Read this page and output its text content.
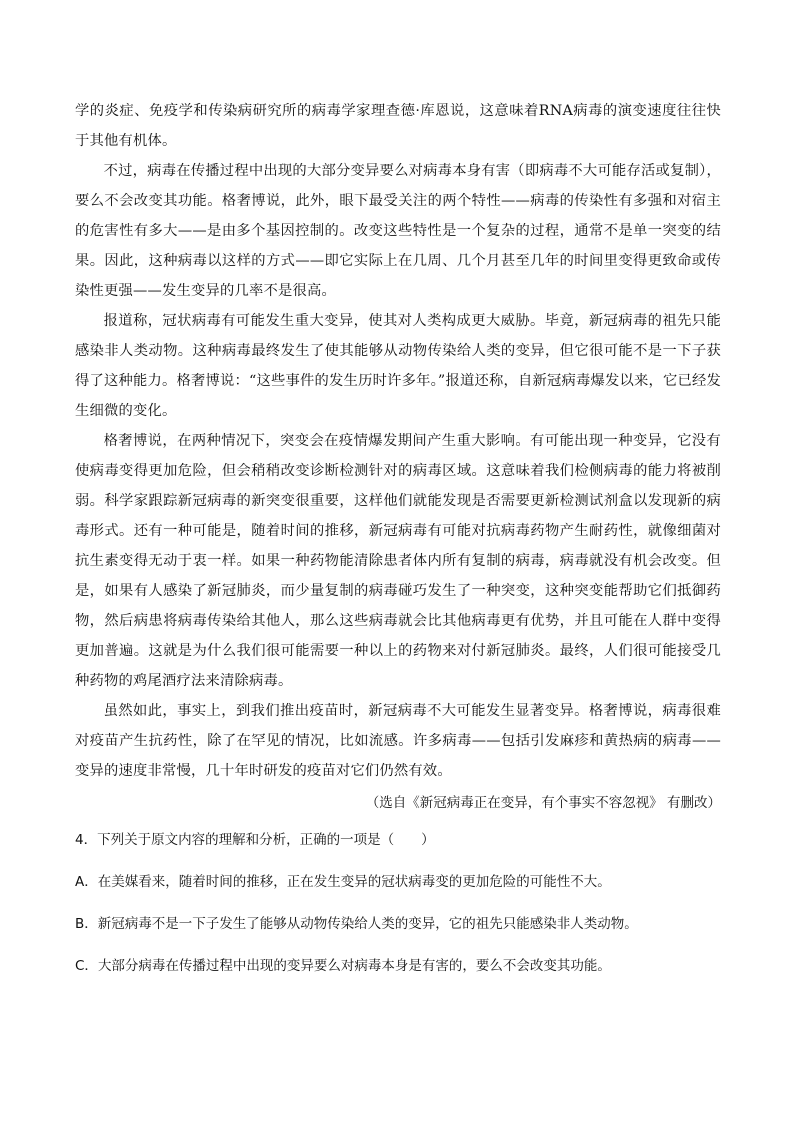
学的炎症、免疫学和传染病研究所的病毒学家理查德·库恩说，这意味着RNA病毒的演变速度往往快于其他有机体。

不过，病毒在传播过程中出现的大部分变异要么对病毒本身有害（即病毒不大可能存活或复制），要么不会改变其功能。格奢博说，此外，眼下最受关注的两个特性——病毒的传染性有多强和对宿主的危害性有多大——是由多个基因控制的。改变这些特性是一个复杂的过程，通常不是单一突变的结果。因此，这种病毒以这样的方式——即它实际上在几周、几个月甚至几年的时间里变得更致命或传染性更强——发生变异的几率不是很高。

报道称，冠状病毒有可能发生重大变异，使其对人类构成更大威胁。毕竟，新冠病毒的祖先只能感染非人类动物。这种病毒最终发生了使其能够从动物传染给人类的变异，但它很可能不是一下子获得了这种能力。格奢博说：“这些事件的发生历时许多年。”报道还称，自新冠病毒爆发以来，它已经发生细微的变化。

格奢博说，在两种情况下，突变会在疫情爆发期间产生重大影响。有可能出现一种变异，它没有使病毒变得更加危险，但会稍稍改变诊断检测针对的病毒区域。这意味着我们检侧病毒的能力将被削弱。科学家跟踪新冠病毒的新突变很重要，这样他们就能发现是否需要更新检测试剂盒以发现新的病毒形式。还有一种可能是，随着时间的推移，新冠病毒有可能对抗病毒药物产生耐药性，就像细菌对抗生素变得无动于衷一样。如果一种药物能清除患者体内所有复制的病毒，病毒就没有机会改变。但是，如果有人感染了新冠肺炎，而少量复制的病毒碰巧发生了一种突变，这种突变能帮助它们抵御药物，然后病患将病毒传染给其他人，那么这些病毒就会比其他病毒更有优势，并且可能在人群中变得更加普遍。这就是为什么我们很可能需要一种以上的药物来对付新冠肺炎。最终，人们很可能接受几种药物的鸡尾酒疗法来清除病毒。

虽然如此，事实上，到我们推出疫苗时，新冠病毒不大可能发生显著变异。格奢博说，病毒很难对疫苗产生抗药性，除了在罕见的情况，比如流感。许多病毒——包括引发麻疹和黄热病的病毒——变异的速度非常慢，几十年时研发的疫苗对它们仍然有效。

（选自《新冠病毒正在变异，有个事实不容忽视》 有删改）

4．下列关于原文内容的理解和分析，正确的一项是（　　）

A． 在美媒看来，随着时间的推移，正在发生变异的冠状病毒变的更加危险的可能性不大。
B． 新冠病毒不是一下子发生了能够从动物传染给人类的变异，它的祖先只能感染非人类动物。
C． 大部分病毒在传播过程中出现的变异要么对病毒本身是有害的，要么不会改变其功能。
